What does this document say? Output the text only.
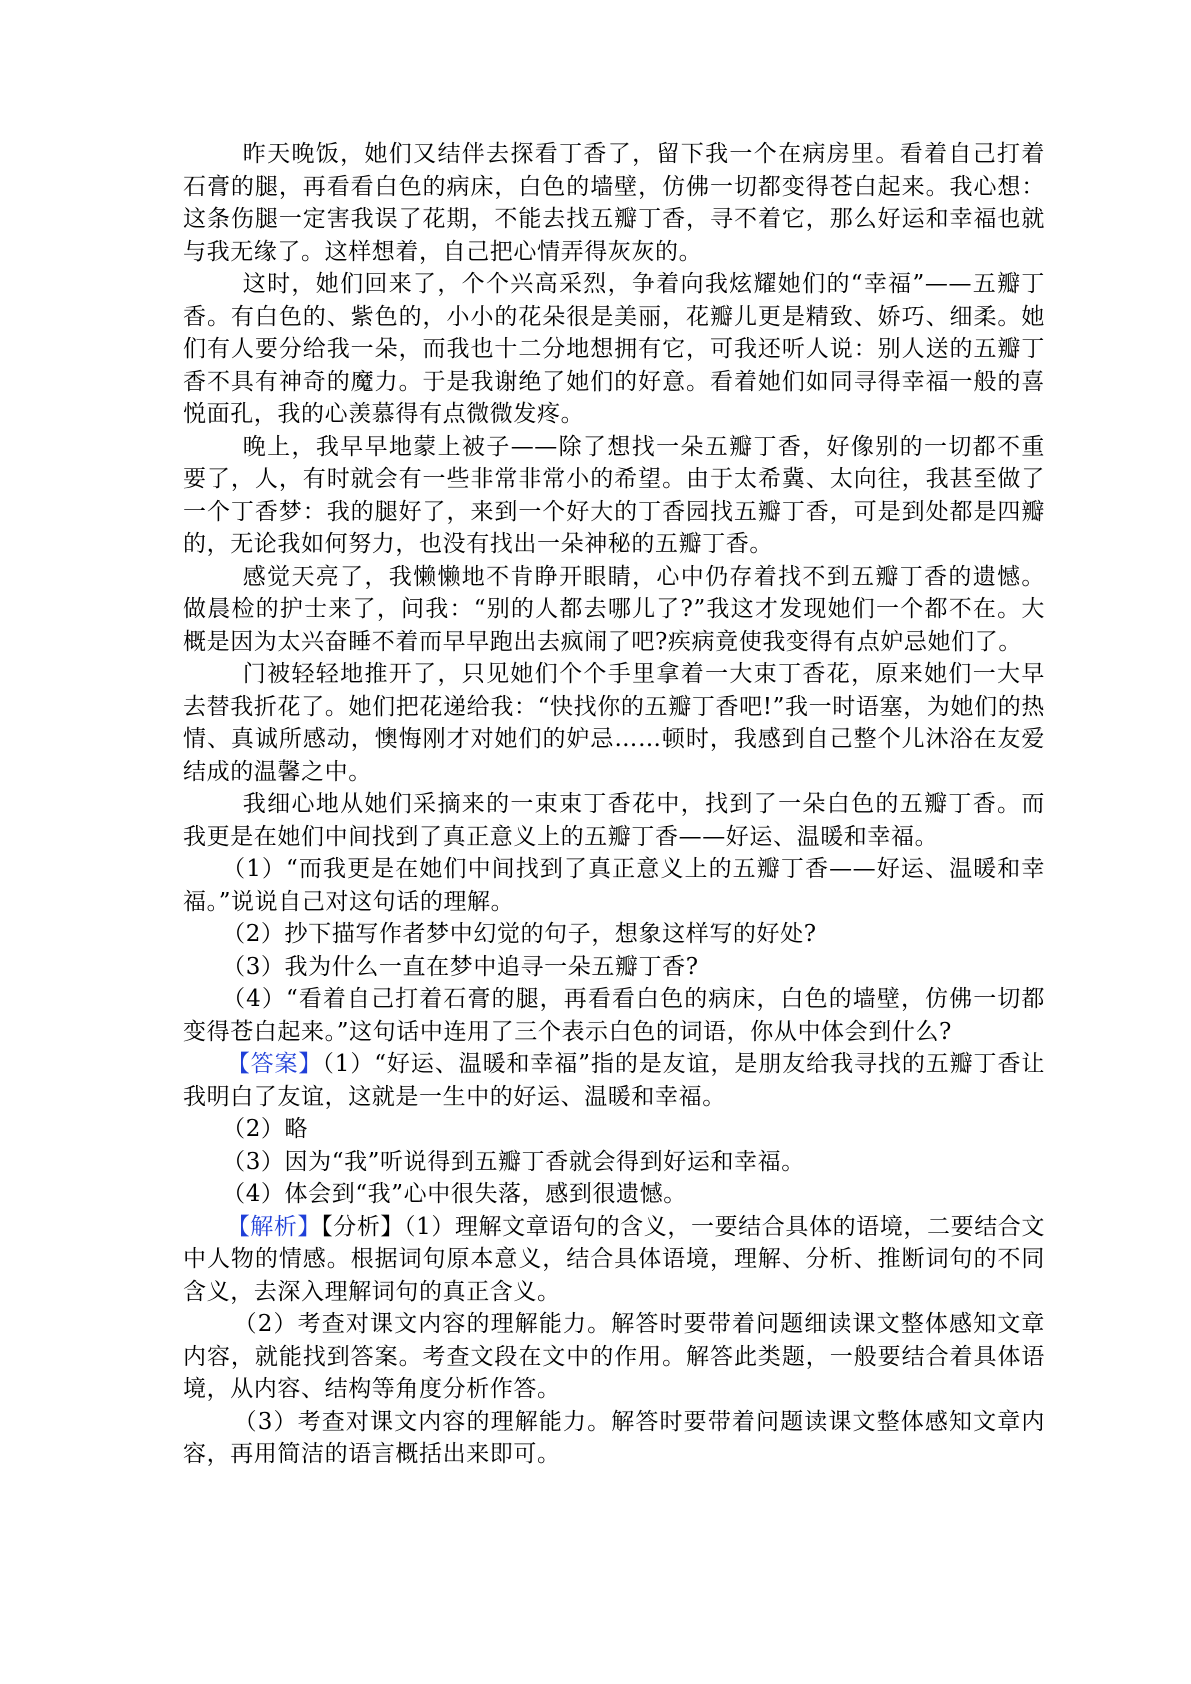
昨天晚饭，她们又结伴去探看丁香了，留下我一个在病房里。看着自己打着石膏的腿，再看看白色的病床，白色的墙壁，仿佛一切都变得苍白起来。我心想：这条伤腿一定害我误了花期，不能去找五瓣丁香，寻不着它，那么好运和幸福也就与我无缘了。这样想着，自己把心情弄得灰灰的。

这时，她们回来了，个个兴高采烈，争着向我炫耀她们的“幸福”——五瓣丁香。有白色的、紫色的，小小的花朵很是美丽，花瓣儿更是精致、娇巧、细柔。她们有人要分给我一朵，而我也十二分地想拥有它，可我还听人说：别人送的五瓣丁香不具有神奇的魔力。于是我谢绝了她们的好意。看着她们如同寻得幸福一般的喜悦面孔，我的心羡慕得有点微微发疼。

晚上，我早早地蒙上被子——除了想找一朵五瓣丁香，好像别的一切都不重要了，人，有时就会有一些非常非常小的希望。由于太希冀、太向往，我甚至做了一个丁香梦：我的腿好了，来到一个好大的丁香园找五瓣丁香，可是到处都是四瓣的，无论我如何努力，也没有找出一朵神秘的五瓣丁香。

感觉天亮了，我懒懒地不肯睁开眼睛，心中仍存着找不到五瓣丁香的遗憾。做晨检的护士来了，问我：“别的人都去哪儿了?”我这才发现她们一个都不在。大概是因为太兴奋睡不着而早早跑出去疯闹了吧?疾病竟使我变得有点妒忌她们了。

门被轻轻地推开了，只见她们个个手里拿着一大束丁香花，原来她们一大早去替我折花了。她们把花递给我：“快找你的五瓣丁香吧!”我一时语塞，为她们的热情、真诚所感动，懊悔刚才对她们的妒忌……顿时，我感到自己整个儿沐浴在友爱结成的温馨之中。

我细心地从她们采摘来的一束束丁香花中，找到了一朵白色的五瓣丁香。而我更是在她们中间找到了真正意义上的五瓣丁香——好运、温暖和幸福。

（1）“而我更是在她们中间找到了真正意义上的五瓣丁香——好运、温暖和幸福。”说说自己对这句话的理解。

（2）抄下描写作者梦中幻觉的句子，想象这样写的好处?

（3）我为什么一直在梦中追寻一朵五瓣丁香?

（4）“看着自己打着石膏的腿，再看看白色的病床，白色的墙壁，仿佛一切都变得苍白起来。”这句话中连用了三个表示白色的词语，你从中体会到什么?

【答案】（1）“好运、温暖和幸福”指的是友谊，是朋友给我寻找的五瓣丁香让我明白了友谊，这就是一生中的好运、温暖和幸福。

（2）略

（3）因为“我”听说得到五瓣丁香就会得到好运和幸福。

（4）体会到“我”心中很失落，感到很遗憾。

【解析】【分析】（1）理解文章语句的含义，一要结合具体的语境，二要结合文中人物的情感。根据词句原本意义，结合具体语境，理解、分析、推断词句的不同含义，去深入理解词句的真正含义。

（2）考查对课文内容的理解能力。解答时要带着问题细读课文整体感知文章内容，就能找到答案。考查文段在文中的作用。解答此类题，一般要结合着具体语境，从内容、结构等角度分析作答。

（3）考查对课文内容的理解能力。解答时要带着问题读课文整体感知文章内容，再用简洁的语言概括出来即可。
